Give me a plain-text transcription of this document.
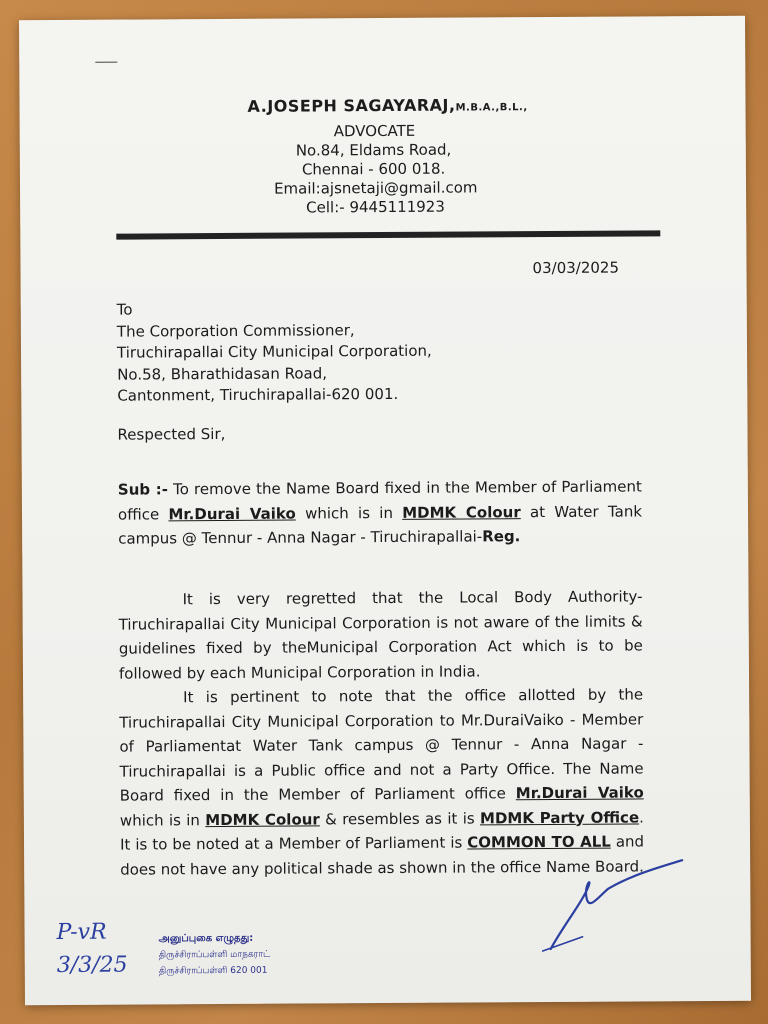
A.JOSEPH SAGAYARAJ,M.B.A.,B.L.,
ADVOCATE
No.84, Eldams Road,
Chennai - 600 018.
Email:ajsnetaji@gmail.com
Cell:- 9445111923
03/03/2025
To
The Corporation Commissioner,
Tiruchirapallai City Municipal Corporation,
No.58, Bharathidasan Road,
Cantonment, Tiruchirapallai-620 001.
Respected Sir,
Sub :- To remove the Name Board fixed in the Member of Parliament office Mr.Durai Vaiko which is in MDMK Colour at Water Tank campus @ Tennur - Anna Nagar - Tiruchirapallai-Reg.
It is very regretted that the Local Body Authority- Tiruchirapallai City Municipal Corporation is not aware of the limits & guidelines fixed by theMunicipal Corporation Act which is to be followed by each Municipal Corporation in India.
It is pertinent to note that the office allotted by the Tiruchirapallai City Municipal Corporation to Mr.DuraiVaiko - Member of Parliamentat Water Tank campus @ Tennur - Anna Nagar - Tiruchirapallai is a Public office and not a Party Office. The Name Board fixed in the Member of Parliament office Mr.Durai Vaiko which is in MDMK Colour & resembles as it is MDMK Party Office. It is to be noted at a Member of Parliament is COMMON TO ALL and does not have any political shade as shown in the office Name Board.
P-vR
3/3/25
அனுப்புகை எழுதது:
திருச்சிராப்பள்ளி மாநகராட்
திருச்சிராப்பள்ளி 620 001
